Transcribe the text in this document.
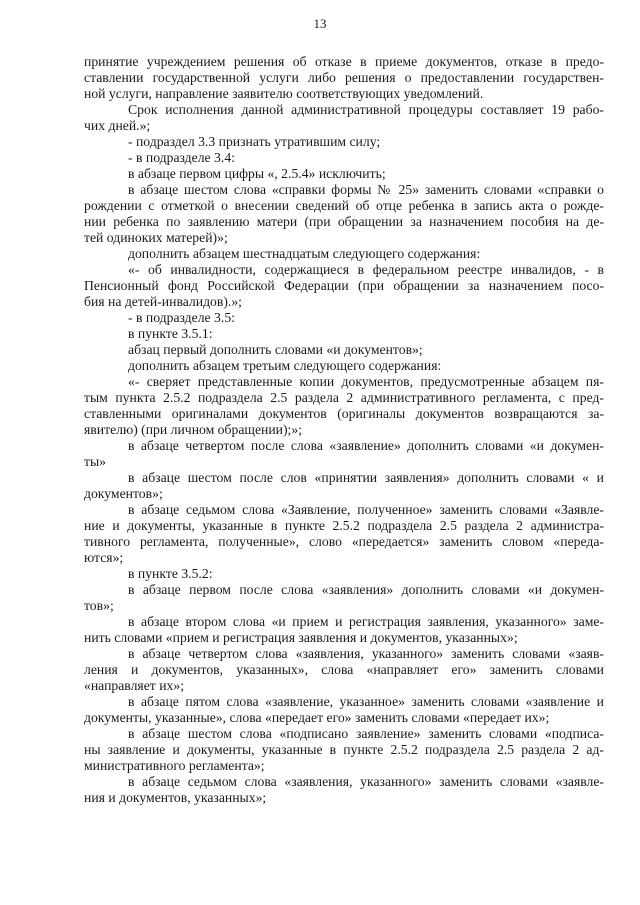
13
принятие учреждением решения об отказе в приеме документов, отказе в предо-
ставлении государственной услуги либо решения о предоставлении государствен-
ной услуги, направление заявителю соответствующих уведомлений.
Срок исполнения данной административной процедуры составляет 19 рабо-
чих дней.»;
- подраздел 3.3 признать утратившим силу;
- в подразделе 3.4:
в абзаце первом цифры «, 2.5.4» исключить;
в абзаце шестом слова «справки формы № 25» заменить словами «справки о
рождении с отметкой о внесении сведений об отце ребенка в запись акта о рожде-
нии ребенка по заявлению матери (при обращении за назначением пособия на де-
тей одиноких матерей)»;
дополнить абзацем шестнадцатым следующего содержания:
«- об инвалидности, содержащиеся в федеральном реестре инвалидов, - в
Пенсионный фонд Российской Федерации (при обращении за назначением посо-
бия на детей-инвалидов).»;
- в подразделе 3.5:
в пункте 3.5.1:
абзац первый дополнить словами «и документов»;
дополнить абзацем третьим следующего содержания:
«- сверяет представленные копии документов, предусмотренные абзацем пя-
тым пункта 2.5.2 подраздела 2.5 раздела 2 административного регламента, с пред-
ставленными оригиналами документов (оригиналы документов возвращаются за-
явителю) (при личном обращении);»;
в абзаце четвертом после слова «заявление» дополнить словами «и докумен-
ты»
в абзаце шестом после слов «принятии заявления» дополнить словами « и
документов»;
в абзаце седьмом слова «Заявление, полученное» заменить словами «Заявле-
ние и документы, указанные в пункте 2.5.2 подраздела 2.5 раздела 2 администра-
тивного регламента, полученные», слово «передается» заменить словом «переда-
ются»;
в пункте 3.5.2:
в абзаце первом после слова «заявления» дополнить словами «и докумен-
тов»;
в абзаце втором слова «и прием и регистрация заявления, указанного» заме-
нить словами «прием и регистрация заявления и документов, указанных»;
в абзаце четвертом слова «заявления, указанного» заменить словами «заяв-
ления и документов, указанных», слова «направляет его» заменить словами
«направляет их»;
в абзаце пятом слова «заявление, указанное» заменить словами «заявление и
документы, указанные», слова «передает его» заменить словами «передает их»;
в абзаце шестом слова «подписано заявление» заменить словами «подписа-
ны заявление и документы, указанные в пункте 2.5.2 подраздела 2.5 раздела 2 ад-
министративного регламента»;
в абзаце седьмом слова «заявления, указанного» заменить словами «заявле-
ния и документов, указанных»;
